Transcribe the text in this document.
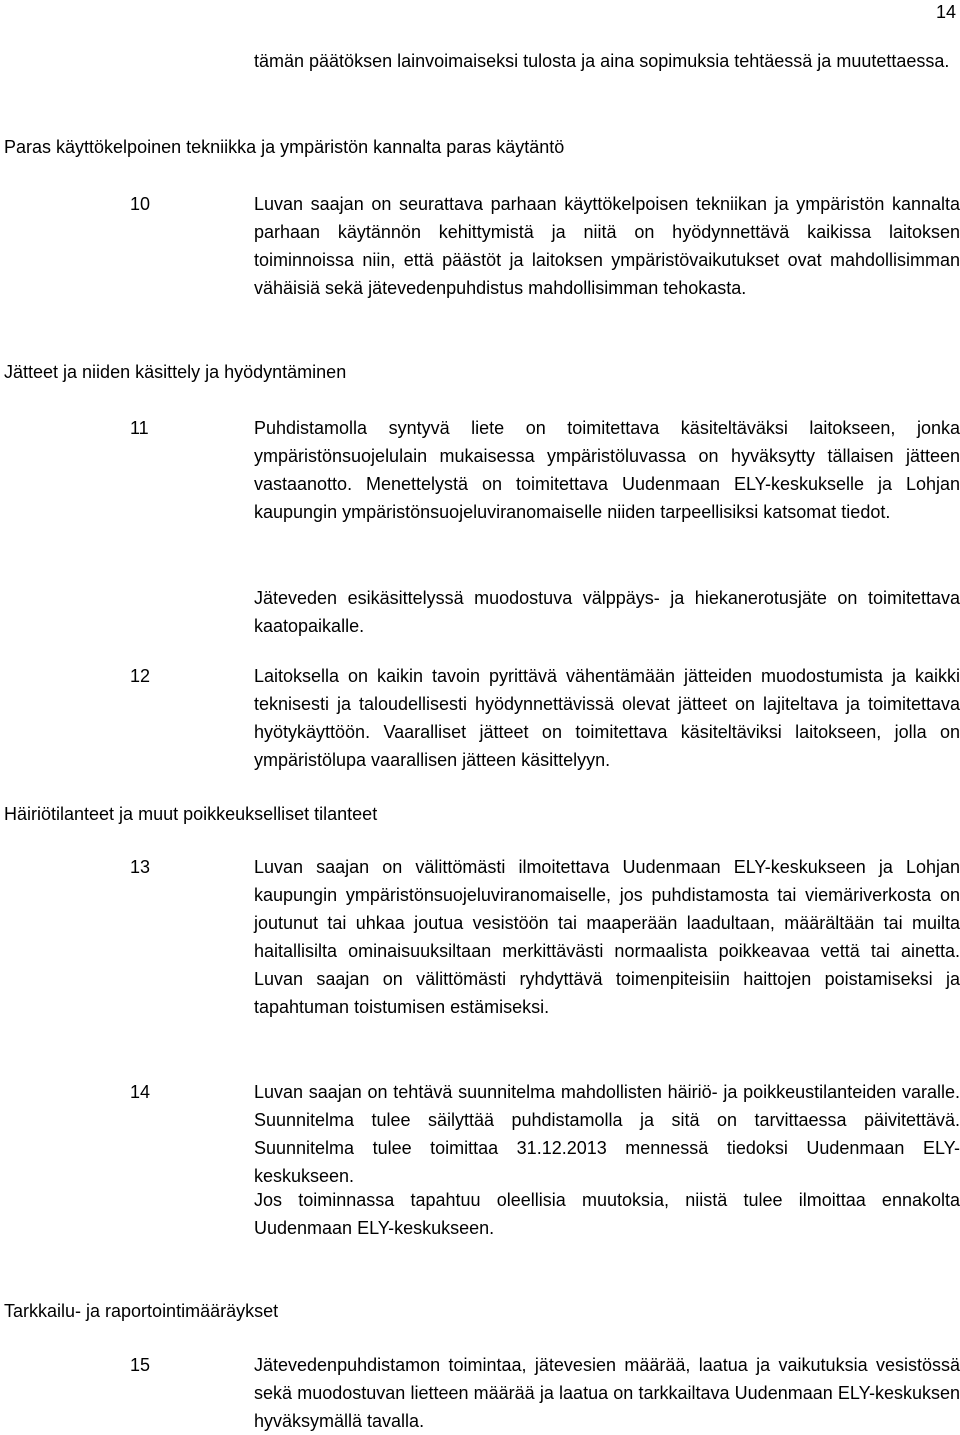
14

tämän päätöksen lainvoimaiseksi tulosta ja aina sopimuksia tehtäessä ja muutettaessa.

Paras käyttökelpoinen tekniikka ja ympäristön kannalta paras käytäntö
10	Luvan saajan on seurattava parhaan käyttökelpoisen tekniikan ja ympäristön kannalta parhaan käytännön kehittymistä ja niitä on hyödynnettävä kaikissa laitoksen toiminnoissa niin, että päästöt ja laitoksen ympäristövaikutukset ovat mahdollisimman vähäisiä sekä jätevedenpuhdistus mahdollisimman tehokasta.

Jätteet ja niiden käsittely ja hyödyntäminen
11	Puhdistamolla syntyvä liete on toimitettava käsiteltäväksi laitokseen, jonka ympäristönsuojelulain mukaisessa ympäristöluvassa on hyväksytty tällaisen jätteen vastaanotto. Menettelystä on toimitettava Uudenmaan ELY-keskukselle ja Lohjan kaupungin ympäristönsuojeluviranomaiselle niiden tarpeellisiksi katsomat tiedot.

Jäteveden esikäsittelyssä muodostuva välppäys- ja hiekanerotusjäte on toimitettava kaatopaikalle.

12	Laitoksella on kaikin tavoin pyrittävä vähentämään jätteiden muodostumista ja kaikki teknisesti ja taloudellisesti hyödynnettävissä olevat jätteet on lajiteltava ja toimitettava hyötykäyttöön. Vaaralliset jätteet on toimitettava käsiteltäviksi laitokseen, jolla on ympäristölupa vaarallisen jätteen käsittelyyn.

Häiriötilanteet ja muut poikkeukselliset tilanteet
13	Luvan saajan on välittömästi ilmoitettava Uudenmaan ELY-keskukseen ja Lohjan kaupungin ympäristönsuojeluviranomaiselle, jos puhdistamosta tai viemäriverkosta on joutunut tai uhkaa joutua vesistöön tai maaperään laadultaan, määrältään tai muilta haitallisilta ominaisuuksiltaan merkittävästi normaalista poikkeavaa vettä tai ainetta. Luvan saajan on välittömästi ryhdyttävä toimenpiteisiin haittojen poistamiseksi ja tapahtuman toistumisen estämiseksi.

14	Luvan saajan on tehtävä suunnitelma mahdollisten häiriö- ja poikkeustilanteiden varalle. Suunnitelma tulee säilyttää puhdistamolla ja sitä on tarvittaessa päivitettävä. Suunnitelma tulee toimittaa 31.12.2013 mennessä tiedoksi Uudenmaan ELY-keskukseen.

Jos toiminnassa tapahtuu oleellisia muutoksia, niistä tulee ilmoittaa ennakolta Uudenmaan ELY-keskukseen.

Tarkkailu- ja raportointimääräykset
15	Jätevedenpuhdistamon toimintaa, jätevesien määrää, laatua ja vaikutuksia vesistössä sekä muodostuvan lietteen määrää ja laatua on tarkkailtava Uudenmaan ELY-keskuksen hyväksymällä tavalla.
